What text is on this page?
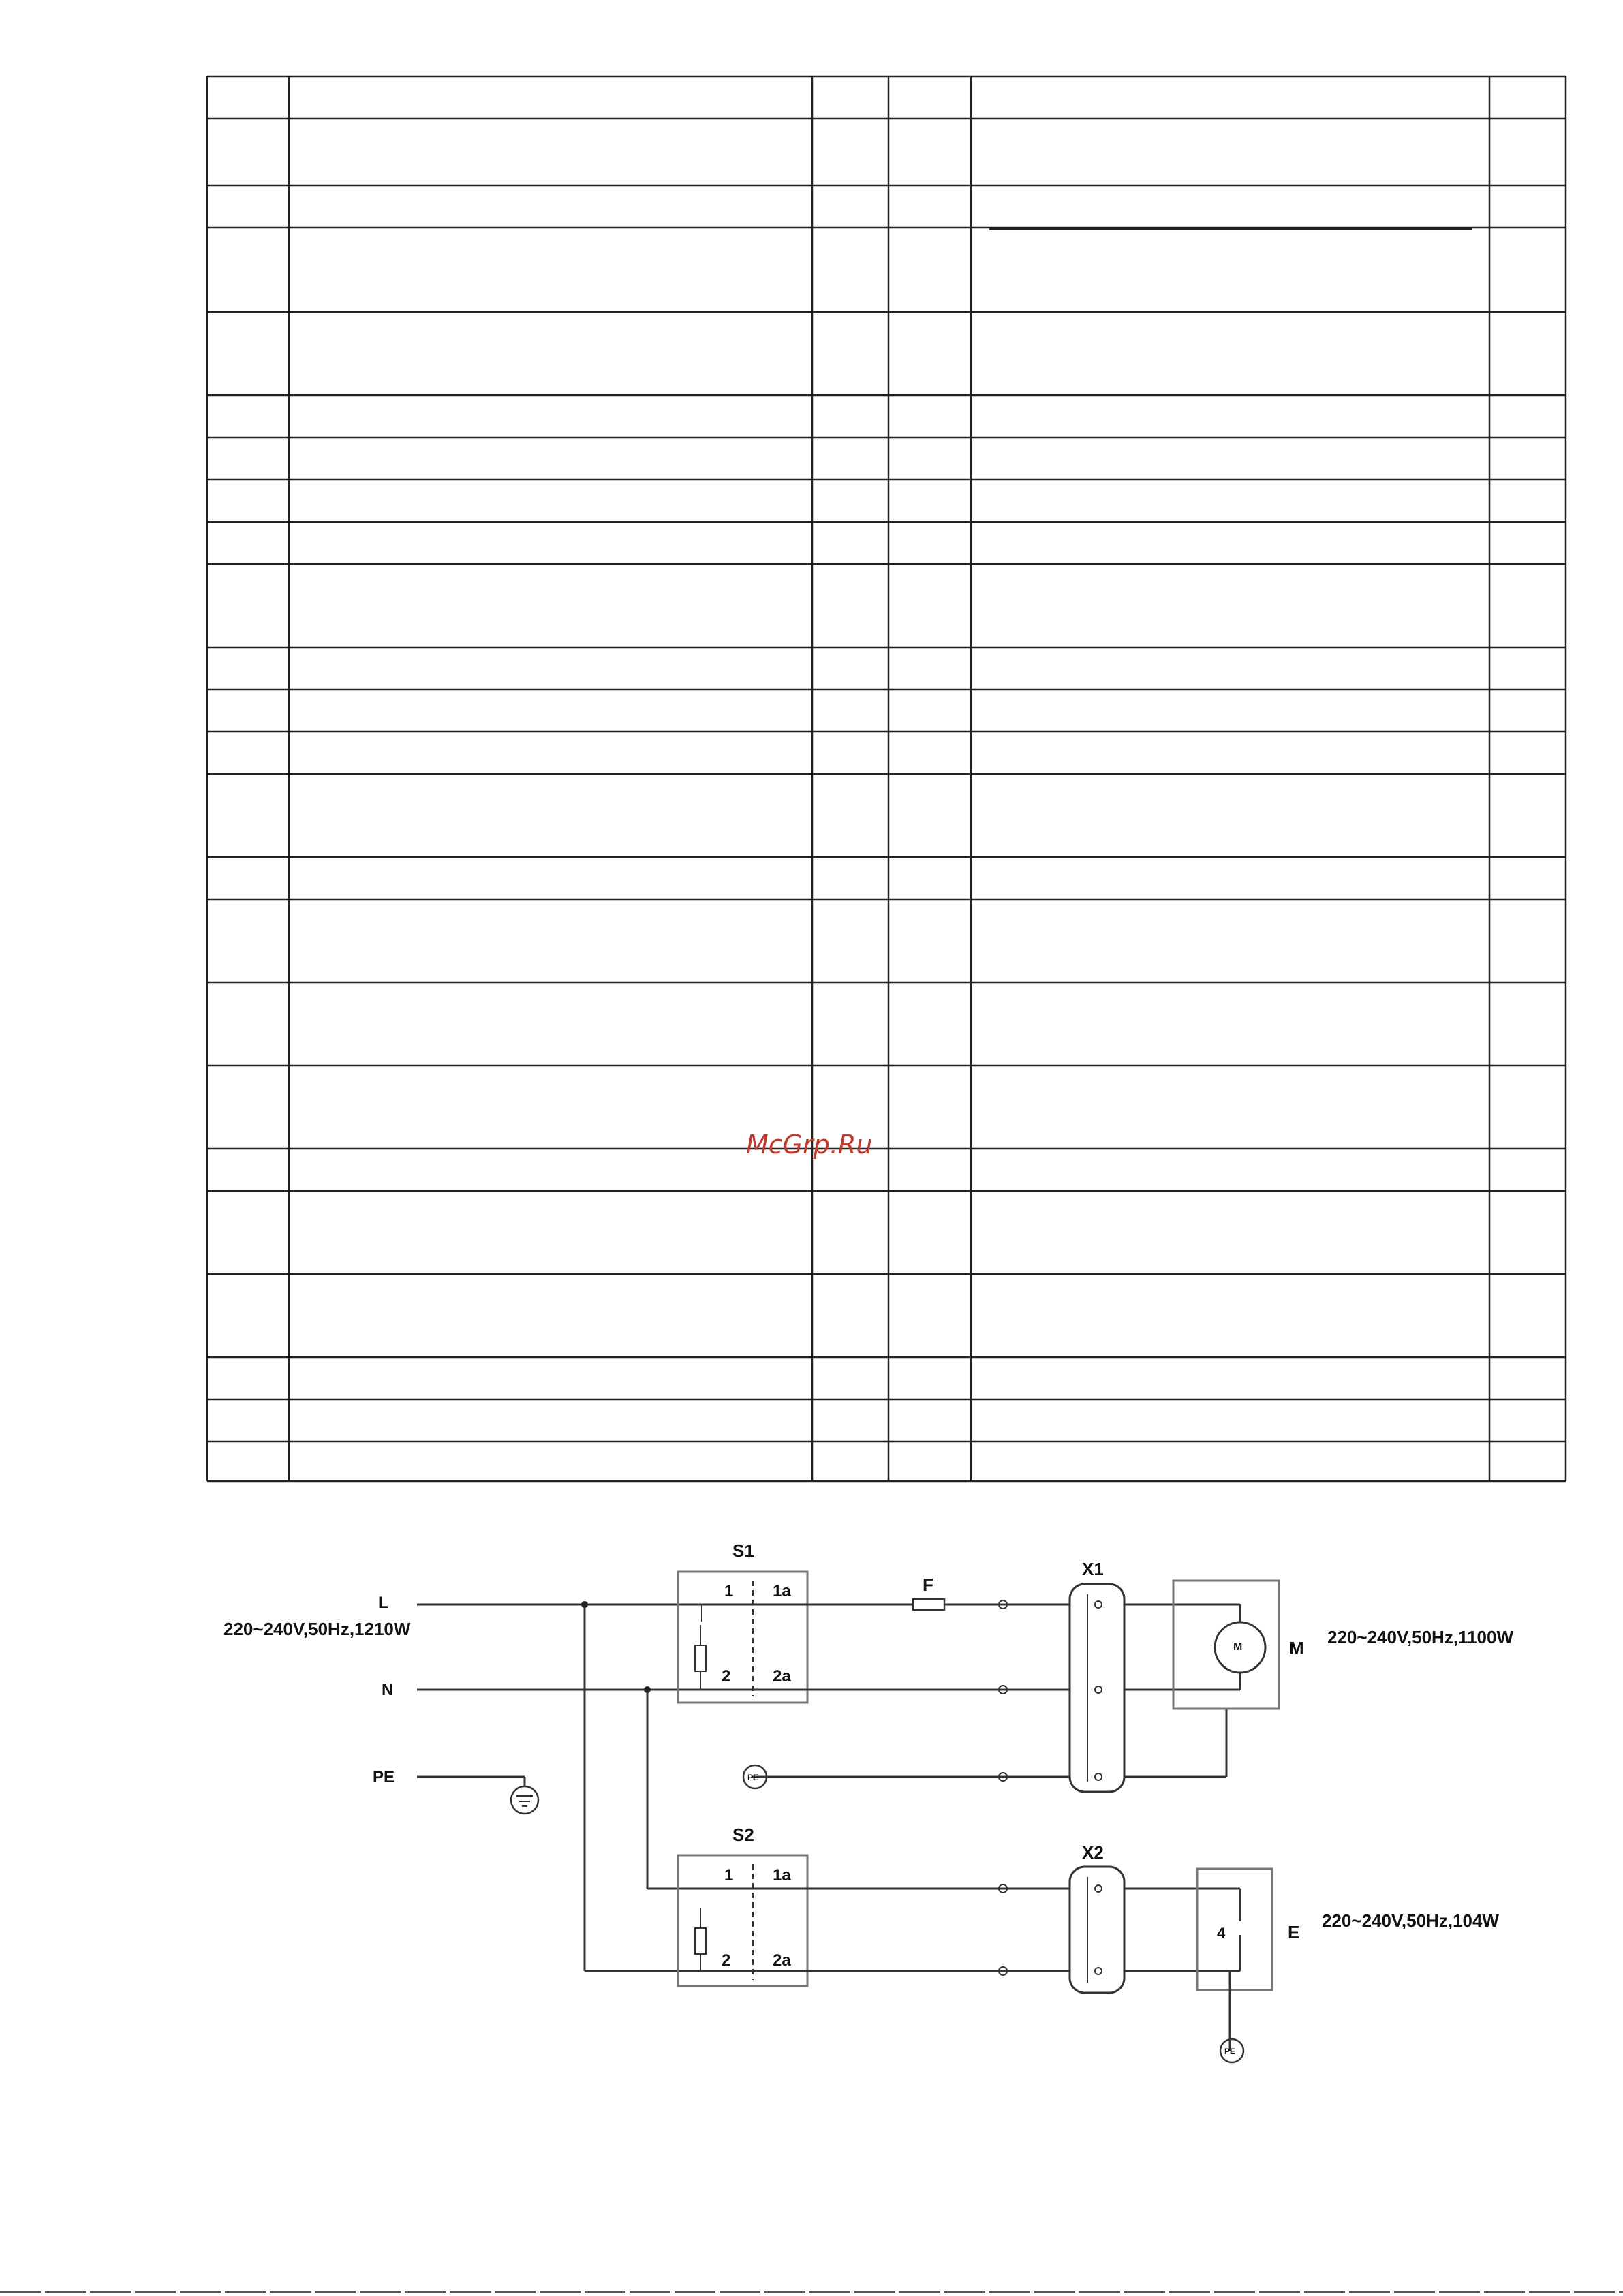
L
N
PE
220~240V,50Hz,1210W
S1
1
2
1a
2a
S2
1
2
1a
2a
F
X1
X2
M	M
220~240V,50Hz,1100W
4	E
220~240V,50Hz,104W
PE
PE
McGrp.Ru
